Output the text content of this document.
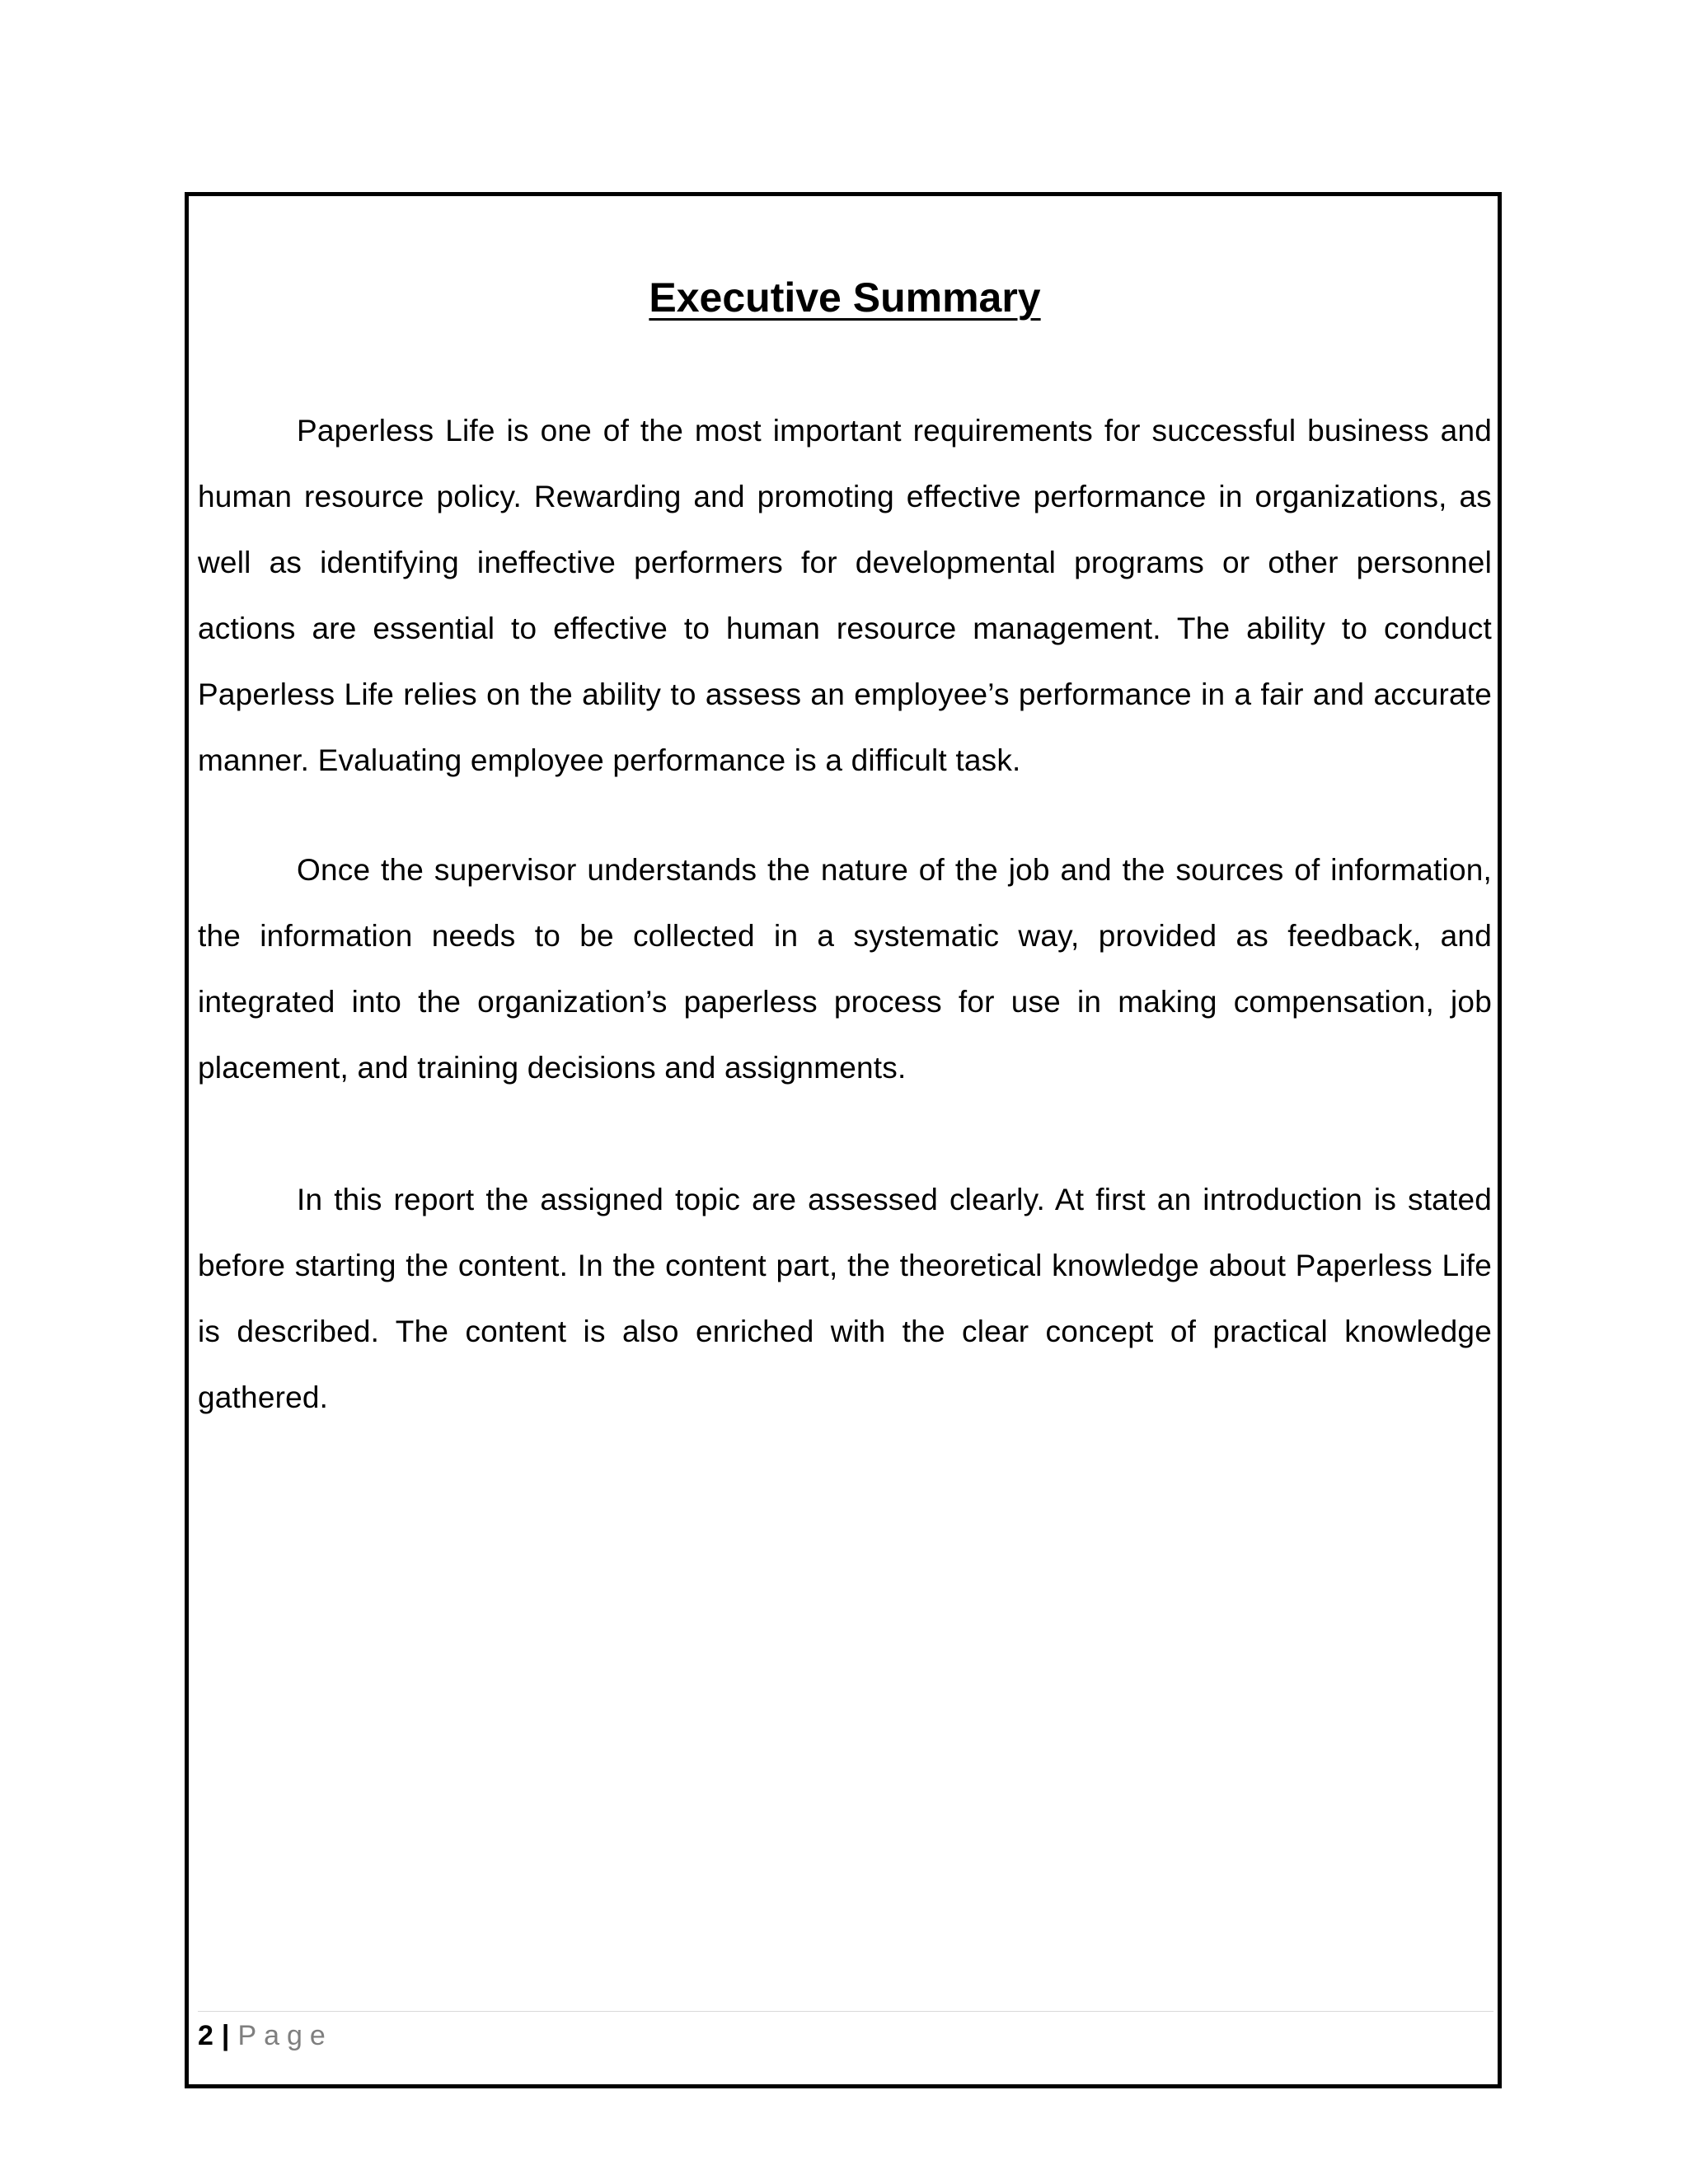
Executive Summary

Paperless Life is one of the most important requirements for successful business and human resource policy. Rewarding and promoting effective performance in organizations, as well as identifying ineffective performers for developmental programs or other personnel actions are essential to effective to human resource management. The ability to conduct Paperless Life relies on the ability to assess an employee’s performance in a fair and accurate manner. Evaluating employee performance is a difficult task.

Once the supervisor understands the nature of the job and the sources of information, the information needs to be collected in a systematic way, provided as feedback, and integrated into the organization’s paperless process for use in making compensation, job placement, and training decisions and assignments.

In this report the assigned topic are assessed clearly. At first an introduction is stated before starting the content. In the content part, the theoretical knowledge about Paperless Life is described. The content is also enriched with the clear concept of practical knowledge gathered.

2 | Page
